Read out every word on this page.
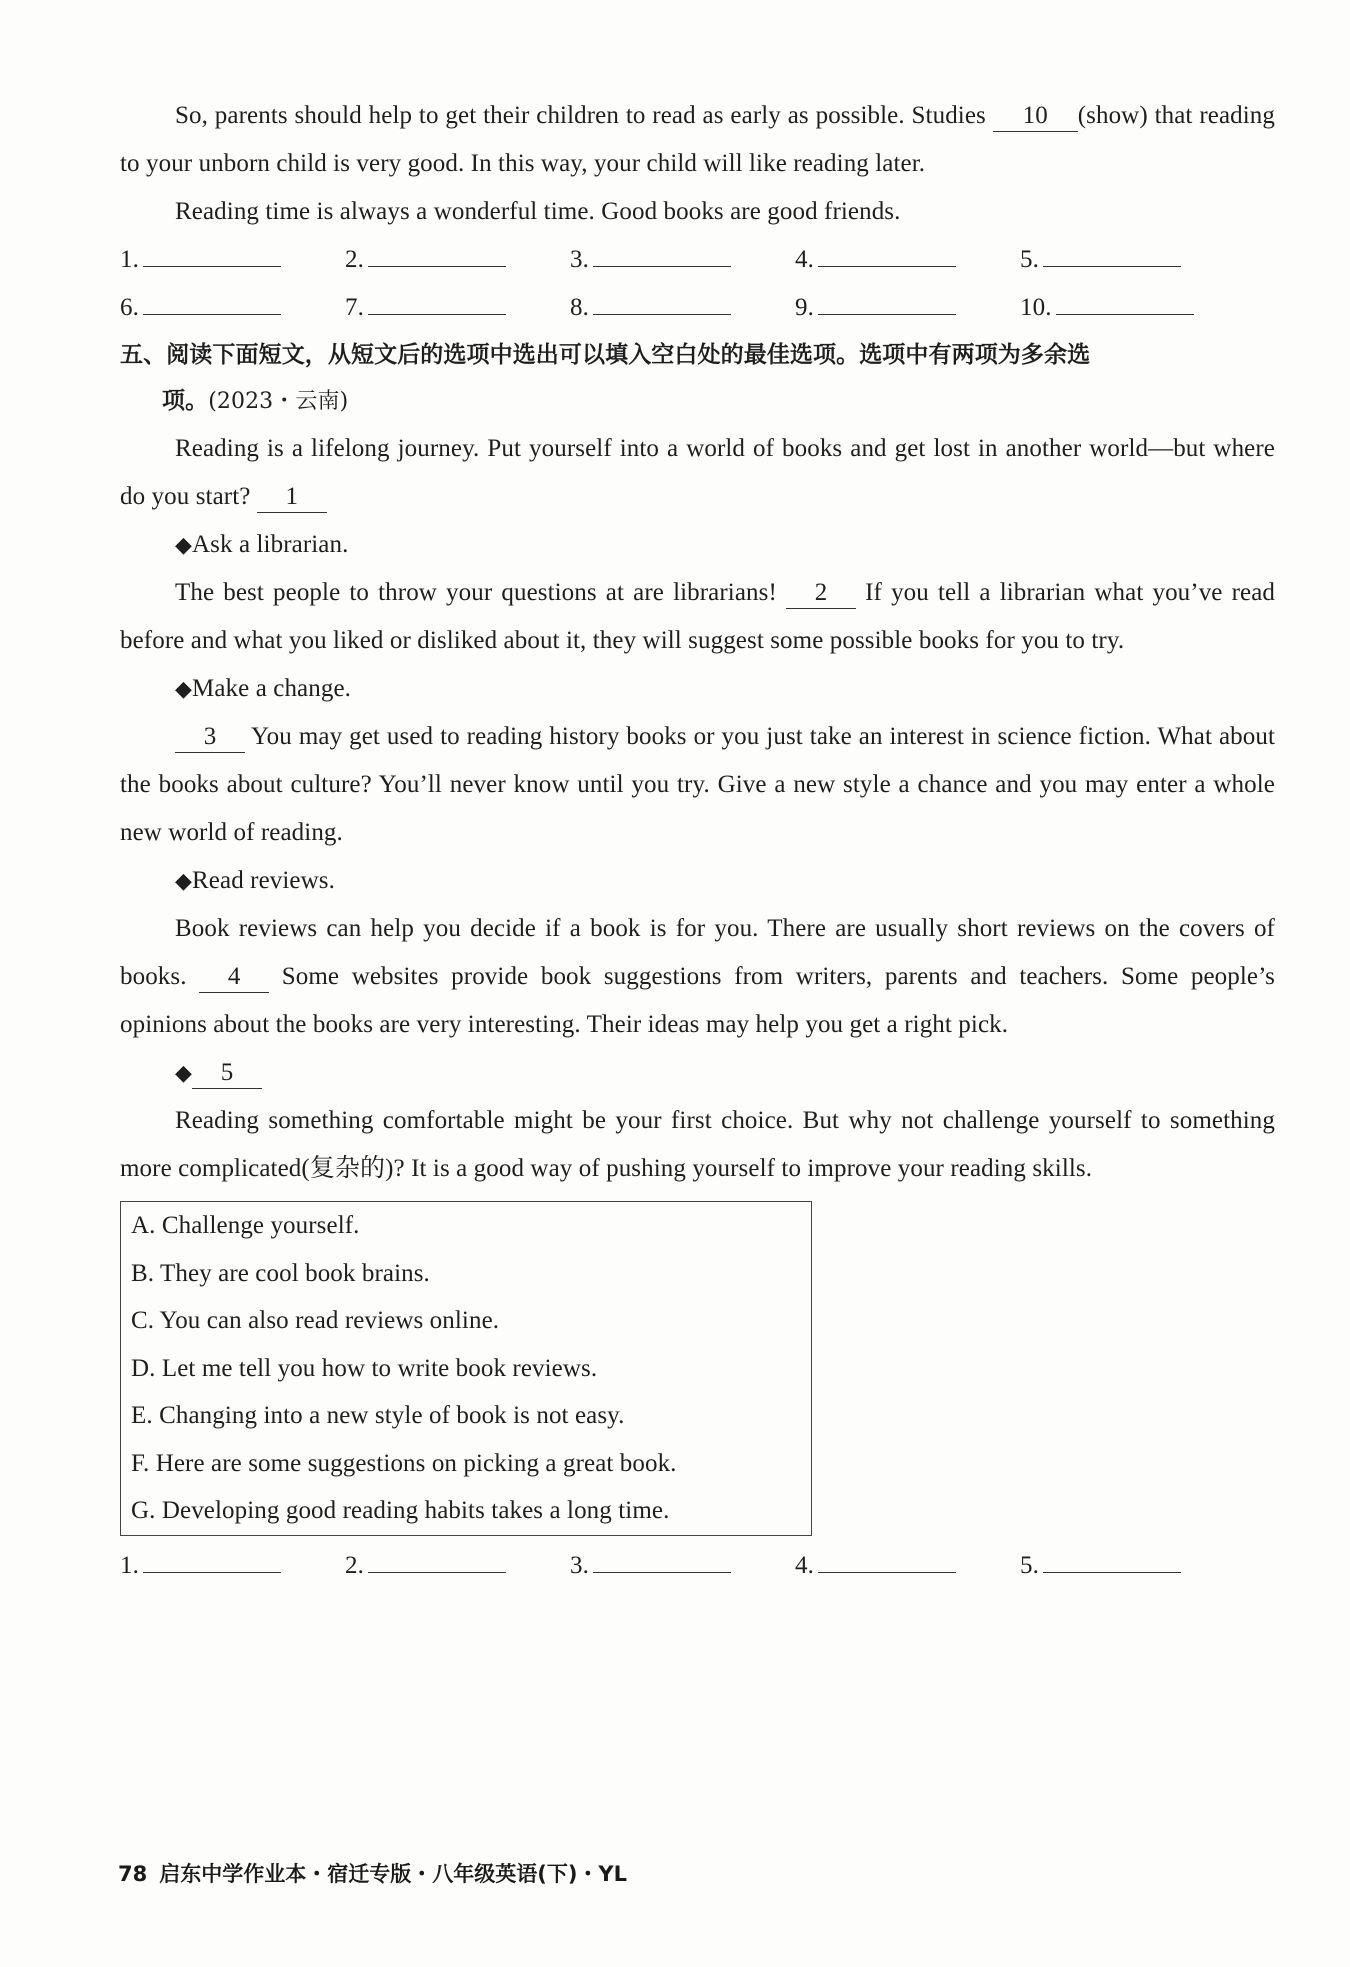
So, parents should help to get their children to read as early as possible. Studies 10 (show) that reading to your unborn child is very good. In this way, your child will like reading later.

Reading time is always a wonderful time. Good books are good friends.

1.	2.	3.	4.	5.
6.	7.	8.	9.	10.

五、阅读下面短文，从短文后的选项中选出可以填入空白处的最佳选项。选项中有两项为多余选
项。(2023・云南)

Reading is a lifelong journey. Put yourself into a world of books and get lost in another world—but where do you start? 1

◆Ask a librarian.

The best people to throw your questions at are librarians! 2 If you tell a librarian what you’ve read before and what you liked or disliked about it, they will suggest some possible books for you to try.

◆Make a change.

3 You may get used to reading history books or you just take an interest in science fiction. What about the books about culture? You’ll never know until you try. Give a new style a chance and you may enter a whole new world of reading.

◆Read reviews.

Book reviews can help you decide if a book is for you. There are usually short reviews on the covers of books. 4 Some websites provide book suggestions from writers, parents and teachers. Some people’s opinions about the books are very interesting. Their ideas may help you get a right pick.

◆ 5

Reading something comfortable might be your first choice. But why not challenge yourself to something more complicated(复杂的)? It is a good way of pushing yourself to improve your reading skills.

A. Challenge yourself.
B. They are cool book brains.
C. You can also read reviews online.
D. Let me tell you how to write book reviews.
E. Changing into a new style of book is not easy.
F. Here are some suggestions on picking a great book.
G. Developing good reading habits takes a long time.
1.	2.	3.	4.	5.
78 启东中学作业本・宿迁专版・八年级英语(下)・YL
